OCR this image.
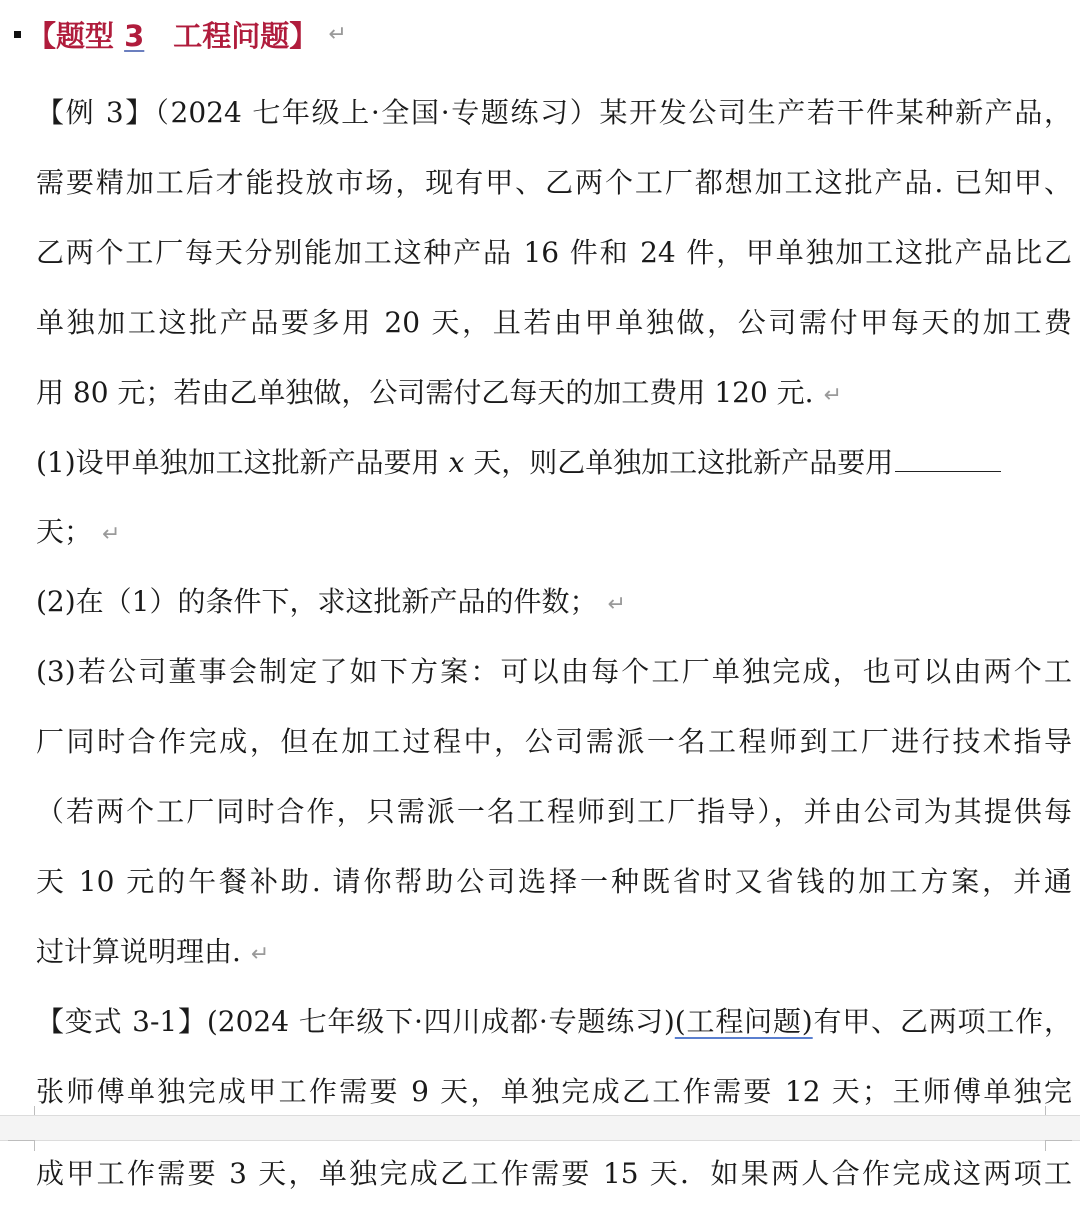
【题型 3　工程问题】 ↵
【例 3】（2024 七年级上·全国·专题练习）某开发公司生产若干件某种新产品，
需要精加工后才能投放市场，现有甲、乙两个工厂都想加工这批产品. 已知甲、
乙两个工厂每天分别能加工这种产品 16 件和 24 件，甲单独加工这批产品比乙
单独加工这批产品要多用 20 天，且若由甲单独做，公司需付甲每天的加工费
用 80 元；若由乙单独做，公司需付乙每天的加工费用 120 元. ↵
(1)设甲单独加工这批新产品要用 x 天，则乙单独加工这批新产品要用
天； ↵
(2)在（1）的条件下，求这批新产品的件数； ↵
(3)若公司董事会制定了如下方案：可以由每个工厂单独完成，也可以由两个工
厂同时合作完成，但在加工过程中，公司需派一名工程师到工厂进行技术指导
（若两个工厂同时合作，只需派一名工程师到工厂指导），并由公司为其提供每
天 10 元的午餐补助. 请你帮助公司选择一种既省时又省钱的加工方案，并通
过计算说明理由. ↵
【变式 3-1】(2024 七年级下·四川成都·专题练习)(工程问题)有甲、乙两项工作，
张师傅单独完成甲工作需要 9 天，单独完成乙工作需要 12 天；王师傅单独完
成甲工作需要 3 天，单独完成乙工作需要 15 天．如果两人合作完成这两项工
